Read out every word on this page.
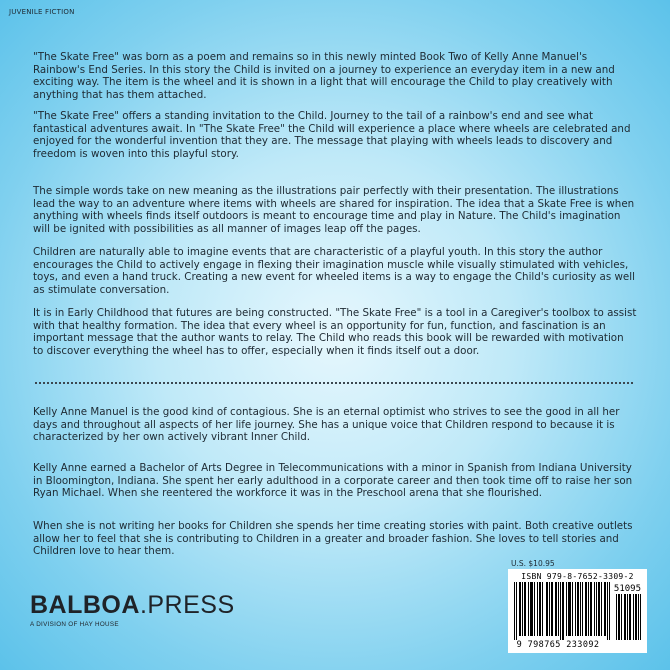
JUVENILE FICTION

"The Skate Free" was born as a poem and remains so in this newly minted Book Two of Kelly Anne Manuel's Rainbow's End Series. In this story the Child is invited on a journey to experience an everyday item in a new and exciting way. The item is the wheel and it is shown in a light that will encourage the Child to play creatively with anything that has them attached.

"The Skate Free" offers a standing invitation to the Child. Journey to the tail of a rainbow's end and see what fantastical adventures await. In "The Skate Free" the Child will experience a place where wheels are celebrated and enjoyed for the wonderful invention that they are. The message that playing with wheels leads to discovery and freedom is woven into this playful story.

The simple words take on new meaning as the illustrations pair perfectly with their presentation. The illustrations lead the way to an adventure where items with wheels are shared for inspiration. The idea that a Skate Free is when anything with wheels finds itself outdoors is meant to encourage time and play in Nature. The Child's imagination will be ignited with possibilities as all manner of images leap off the pages.

Children are naturally able to imagine events that are characteristic of a playful youth. In this story the author encourages the Child to actively engage in flexing their imagination muscle while visually stimulated with vehicles, toys, and even a hand truck. Creating a new event for wheeled items is a way to engage the Child's curiosity as well as stimulate conversation.

It is in Early Childhood that futures are being constructed. "The Skate Free" is a tool in a Caregiver's toolbox to assist with that healthy formation. The idea that every wheel is an opportunity for fun, function, and fascination is an important message that the author wants to relay. The Child who reads this book will be rewarded with motivation to discover everything the wheel has to offer, especially when it finds itself out a door.

Kelly Anne Manuel is the good kind of contagious. She is an eternal optimist who strives to see the good in all her days and throughout all aspects of her life journey. She has a unique voice that Children respond to because it is characterized by her own actively vibrant Inner Child.

Kelly Anne earned a Bachelor of Arts Degree in Telecommunications with a minor in Spanish from Indiana University in Bloomington, Indiana. She spent her early adulthood in a corporate career and then took time off to raise her son Ryan Michael. When she reentered the workforce it was in the Preschool arena that she flourished.

When she is not writing her books for Children she spends her time creating stories with paint. Both creative outlets allow her to feel that she is contributing to Children in a greater and broader fashion. She loves to tell stories and Children love to hear them.

BALBOA.PRESS
A DIVISION OF HAY HOUSE
U.S. $10.95
ISBN 979-8-7652-3309-2
51095
9 798765 233092
